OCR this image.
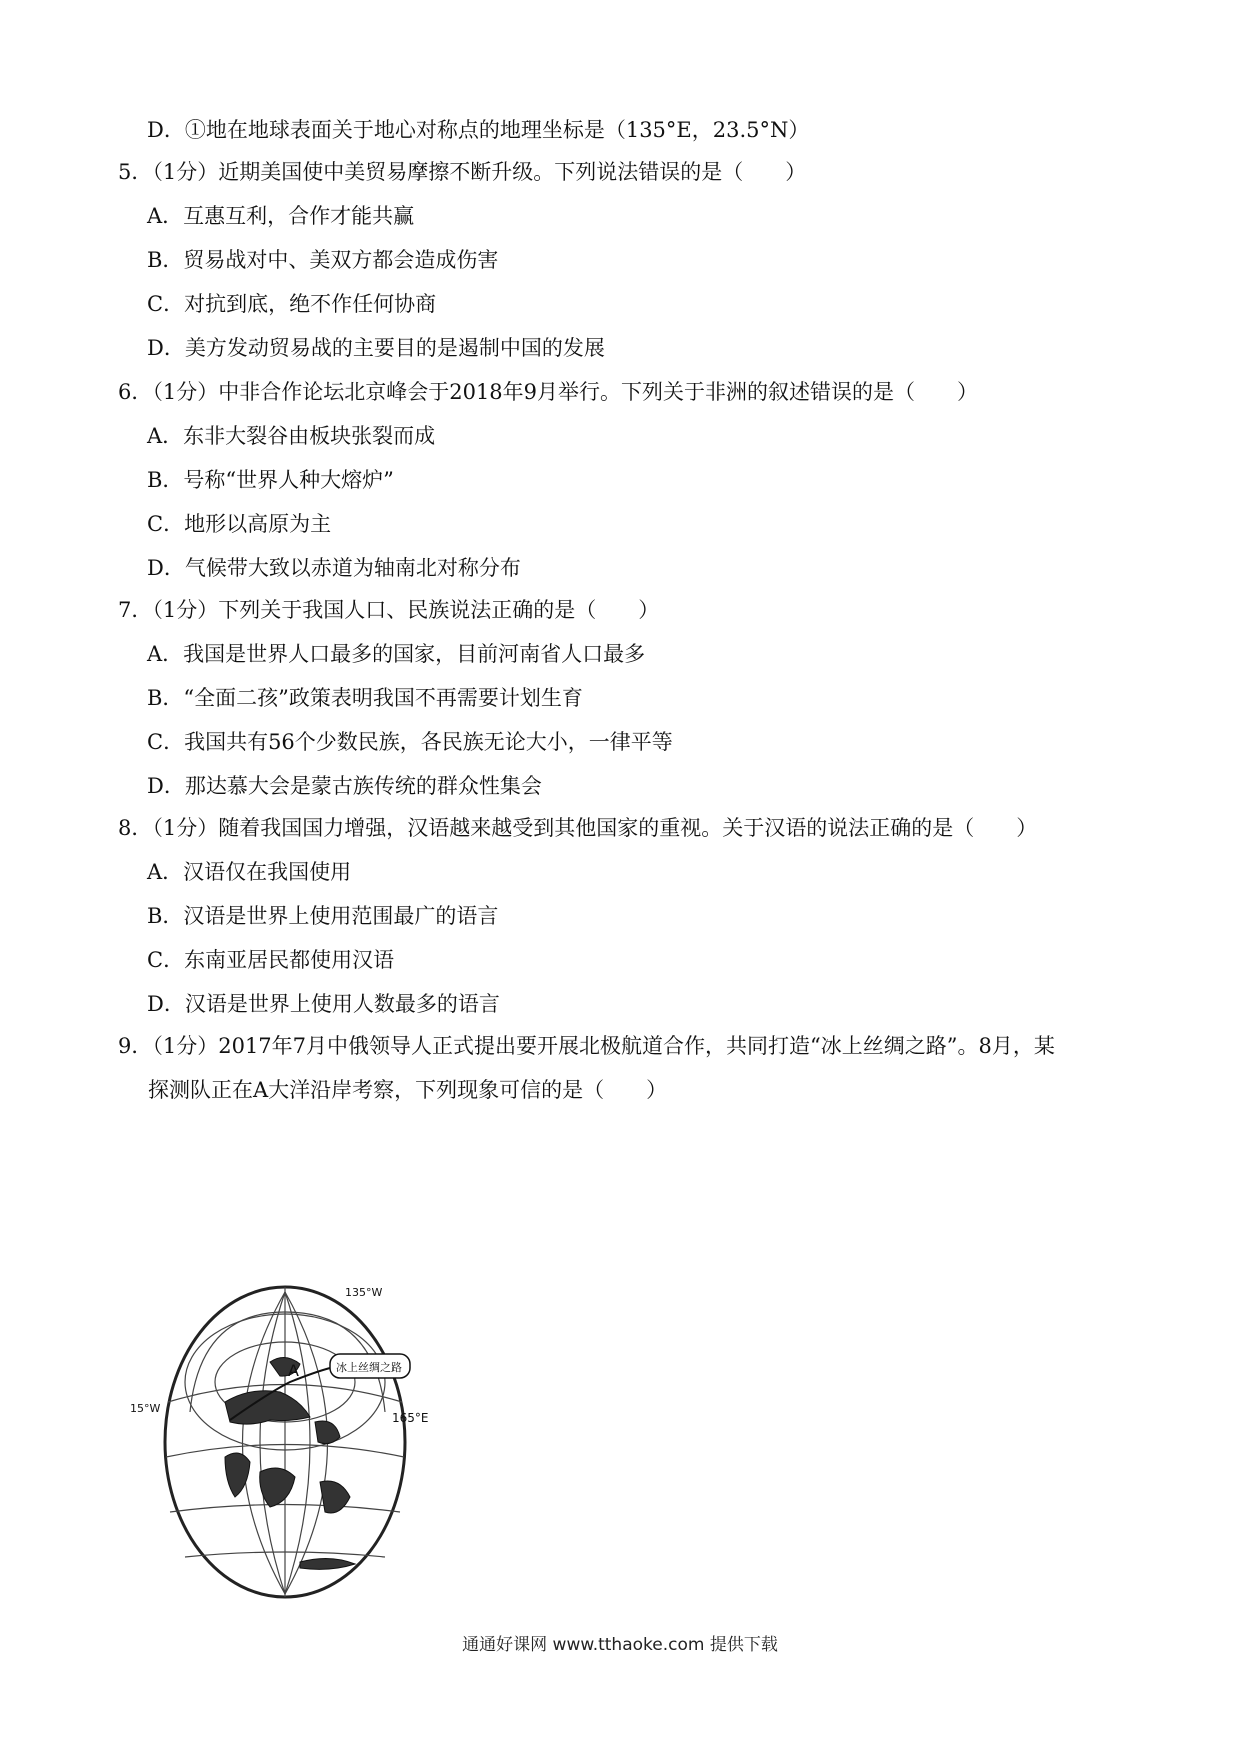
D．①地在地球表面关于地心对称点的地理坐标是（135°E，23.5°N）
5．（1分）近期美国使中美贸易摩擦不断升级。下列说法错误的是（　　）
A．互惠互利，合作才能共赢
B．贸易战对中、美双方都会造成伤害
C．对抗到底，绝不作任何协商
D．美方发动贸易战的主要目的是遏制中国的发展
6．（1分）中非合作论坛北京峰会于2018年9月举行。下列关于非洲的叙述错误的是（　　）
A．东非大裂谷由板块张裂而成
B．号称“世界人种大熔炉”
C．地形以高原为主
D．气候带大致以赤道为轴南北对称分布
7．（1分）下列关于我国人口、民族说法正确的是（　　）
A．我国是世界人口最多的国家，目前河南省人口最多
B．“全面二孩”政策表明我国不再需要计划生育
C．我国共有56个少数民族，各民族无论大小，一律平等
D．那达慕大会是蒙古族传统的群众性集会
8．（1分）随着我国国力增强，汉语越来越受到其他国家的重视。关于汉语的说法正确的是（　　）
A．汉语仅在我国使用
B．汉语是世界上使用范围最广的语言
C．东南亚居民都使用汉语
D．汉语是世界上使用人数最多的语言
9．（1分）2017年7月中俄领导人正式提出要开展北极航道合作，共同打造“冰上丝绸之路”。8月，某
探测队正在A大洋沿岸考察，下列现象可信的是（　　）
A	冰上丝绸之路
135°W
15°W
165°E
通通好课网 www.tthaoke.com 提供下载
